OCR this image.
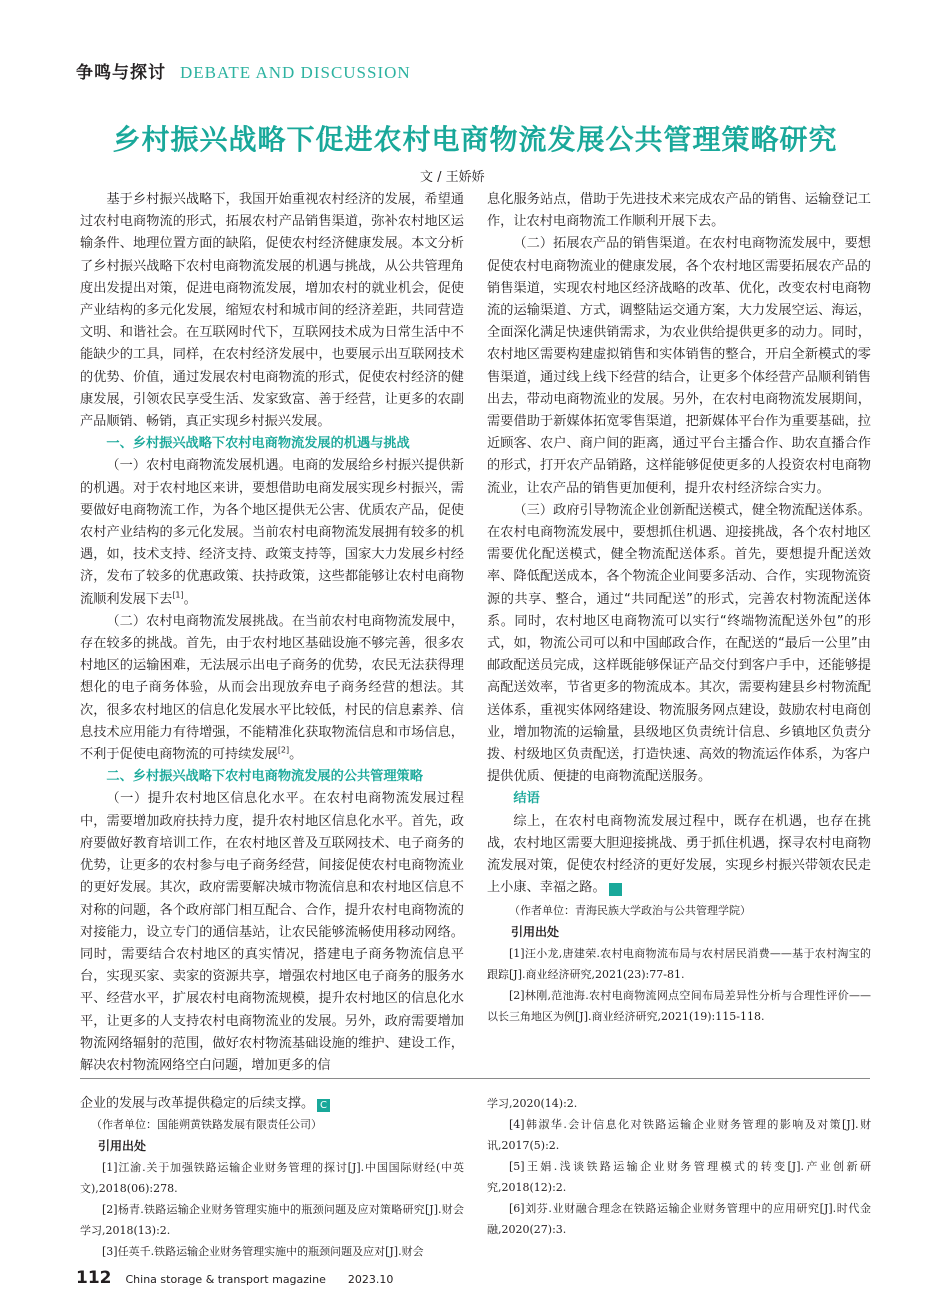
争鸣与探讨 DEBATE AND DISCUSSION
乡村振兴战略下促进农村电商物流发展公共管理策略研究
文 / 王娇娇

基于乡村振兴战略下，我国开始重视农村经济的发展，希望通过农村电商物流的形式，拓展农村产品销售渠道，弥补农村地区运输条件、地理位置方面的缺陷，促使农村经济健康发展。本文分析了乡村振兴战略下农村电商物流发展的机遇与挑战，从公共管理角度出发提出对策，促进电商物流发展，增加农村的就业机会，促使产业结构的多元化发展，缩短农村和城市间的经济差距，共同营造文明、和谐社会。在互联网时代下，互联网技术成为日常生活中不能缺少的工具，同样，在农村经济发展中，也要展示出互联网技术的优势、价值，通过发展农村电商物流的形式，促使农村经济的健康发展，引领农民享受生活、发家致富、善于经营，让更多的农副产品顺销、畅销，真正实现乡村振兴发展。

一、乡村振兴战略下农村电商物流发展的机遇与挑战

（一）农村电商物流发展机遇。电商的发展给乡村振兴提供新的机遇。对于农村地区来讲，要想借助电商发展实现乡村振兴，需要做好电商物流工作，为各个地区提供无公害、优质农产品，促使农村产业结构的多元化发展。当前农村电商物流发展拥有较多的机遇，如，技术支持、经济支持、政策支持等，国家大力发展乡村经济，发布了较多的优惠政策、扶持政策，这些都能够让农村电商物流顺利发展下去[1]。

（二）农村电商物流发展挑战。在当前农村电商物流发展中，存在较多的挑战。首先，由于农村地区基础设施不够完善，很多农村地区的运输困难，无法展示出电子商务的优势，农民无法获得理想化的电子商务体验，从而会出现放弃电子商务经营的想法。其次，很多农村地区的信息化发展水平比较低，村民的信息素养、信息技术应用能力有待增强，不能精准化获取物流信息和市场信息，不利于促使电商物流的可持续发展[2]。

二、乡村振兴战略下农村电商物流发展的公共管理策略

（一）提升农村地区信息化水平。在农村电商物流发展过程中，需要增加政府扶持力度，提升农村地区信息化水平。首先，政府要做好教育培训工作，在农村地区普及互联网技术、电子商务的优势，让更多的农村参与电子商务经营，间接促使农村电商物流业的更好发展。其次，政府需要解决城市物流信息和农村地区信息不对称的问题，各个政府部门相互配合、合作，提升农村电商物流的对接能力，设立专门的通信基站，让农民能够流畅使用移动网络。同时，需要结合农村地区的真实情况，搭建电子商务物流信息平台，实现买家、卖家的资源共享，增强农村地区电子商务的服务水平、经营水平，扩展农村电商物流规模，提升农村地区的信息化水平，让更多的人支持农村电商物流业的发展。另外，政府需要增加物流网络辐射的范围，做好农村物流基础设施的维护、建设工作，解决农村物流网络空白问题，增加更多的信

息化服务站点，借助于先进技术来完成农产品的销售、运输登记工作，让农村电商物流工作顺利开展下去。

（二）拓展农产品的销售渠道。在农村电商物流发展中，要想促使农村电商物流业的健康发展，各个农村地区需要拓展农产品的销售渠道，实现农村地区经济战略的改革、优化，改变农村电商物流的运输渠道、方式，调整陆运交通方案，大力发展空运、海运，全面深化满足快速供销需求，为农业供给提供更多的动力。同时，农村地区需要构建虚拟销售和实体销售的整合，开启全新模式的零售渠道，通过线上线下经营的结合，让更多个体经营产品顺利销售出去，带动电商物流业的发展。另外，在农村电商物流发展期间，需要借助于新媒体拓宽零售渠道，把新媒体平台作为重要基础，拉近顾客、农户、商户间的距离，通过平台主播合作、助农直播合作的形式，打开农产品销路，这样能够促使更多的人投资农村电商物流业，让农产品的销售更加便利，提升农村经济综合实力。

（三）政府引导物流企业创新配送模式，健全物流配送体系。在农村电商物流发展中，要想抓住机遇、迎接挑战，各个农村地区需要优化配送模式，健全物流配送体系。首先，要想提升配送效率、降低配送成本，各个物流企业间要多活动、合作，实现物流资源的共享、整合，通过“共同配送”的形式，完善农村物流配送体系。同时，农村地区电商物流可以实行“终端物流配送外包”的形式，如，物流公司可以和中国邮政合作，在配送的“最后一公里”由邮政配送员完成，这样既能够保证产品交付到客户手中，还能够提高配送效率，节省更多的物流成本。其次，需要构建县乡村物流配送体系，重视实体网络建设、物流服务网点建设，鼓励农村电商创业，增加物流的运输量，县级地区负责统计信息、乡镇地区负责分拨、村级地区负责配送，打造快速、高效的物流运作体系，为客户提供优质、便捷的电商物流配送服务。

结语

综上，在农村电商物流发展过程中，既存在机遇，也存在挑战，农村地区需要大胆迎接挑战、勇于抓住机遇，探寻农村电商物流发展对策，促使农村经济的更好发展，实现乡村振兴带领农民走上小康、幸福之路。	C

（作者单位：青海民族大学政治与公共管理学院）

引用出处

[1]汪小龙,唐建荣.农村电商物流布局与农村居民消费——基于农村淘宝的跟踪[J].商业经济研究,2021(23):77-81.

[2]林刚,范池海.农村电商物流网点空间布局差异性分析与合理性评价——以长三角地区为例[J].商业经济研究,2021(19):115-118.

企业的发展与改革提供稳定的后续支撑。 C

（作者单位：国能朔黄铁路发展有限责任公司）

引用出处

[1]江渝.关于加强铁路运输企业财务管理的探讨[J].中国国际财经(中英文),2018(06):278.

[2]杨青.铁路运输企业财务管理实施中的瓶颈问题及应对策略研究[J].财会学习,2018(13):2.

[3]任英千.铁路运输企业财务管理实施中的瓶颈问题及应对[J].财会

学习,2020(14):2.

[4]韩淑华.会计信息化对铁路运输企业财务管理的影响及对策[J].财讯,2017(5):2.

[5]王娟.浅谈铁路运输企业财务管理模式的转变[J].产业创新研究,2018(12):2.

[6]刘芬.业财融合理念在铁路运输企业财务管理中的应用研究[J].时代金融,2020(27):3.

112 China storage & transport magazine 2023.10
